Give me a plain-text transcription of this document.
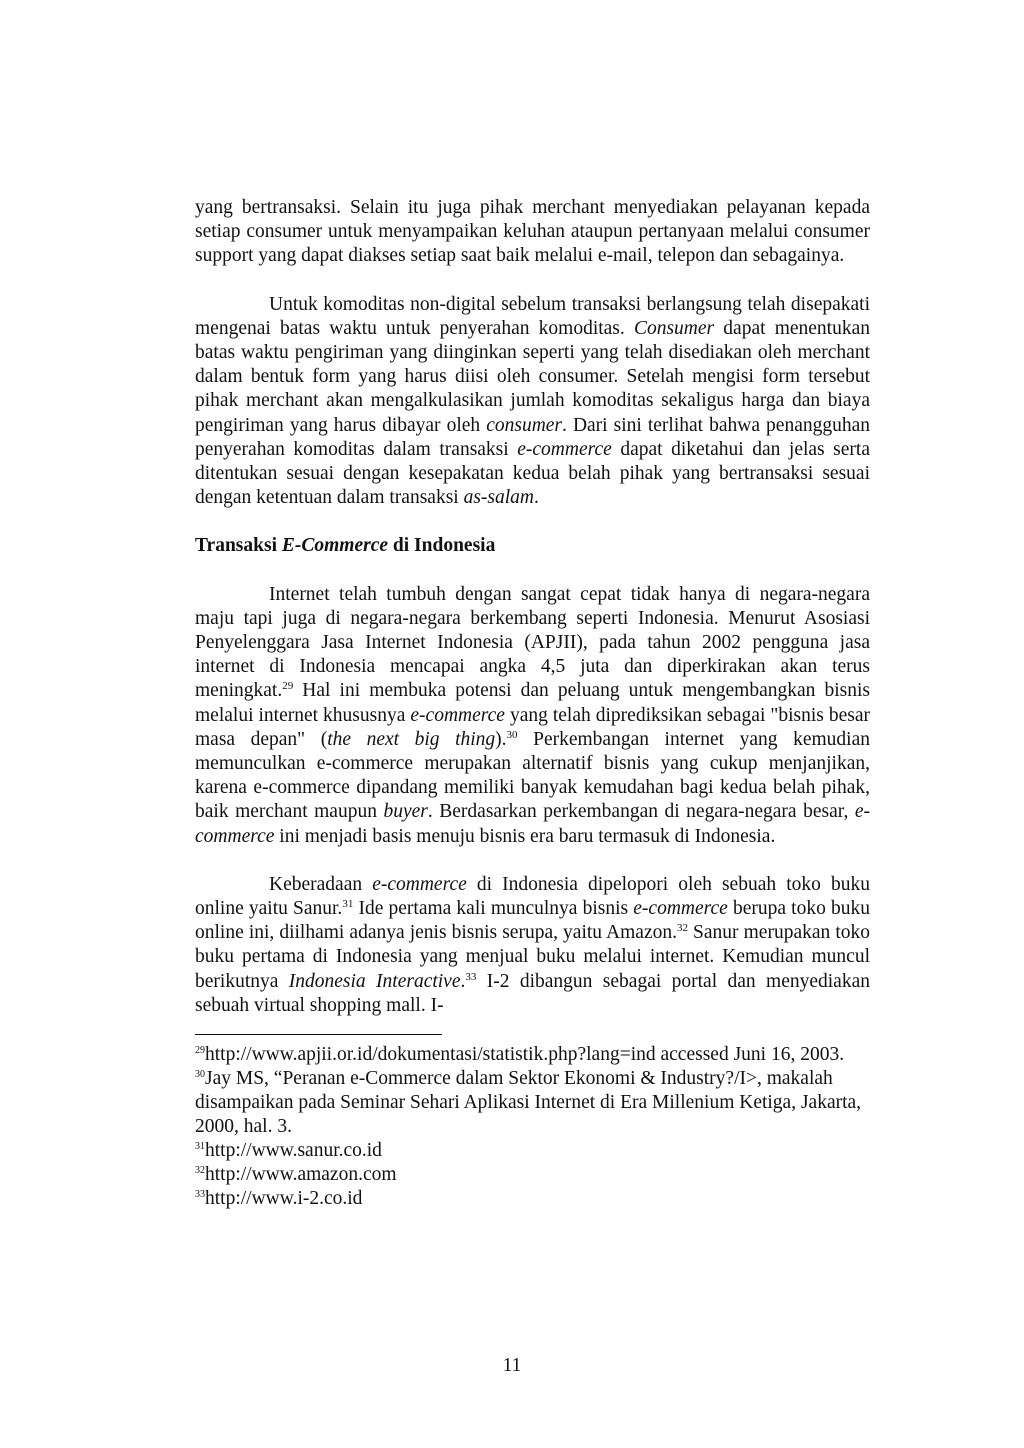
yang bertransaksi. Selain itu juga pihak merchant menyediakan pelayanan kepada setiap consumer untuk menyampaikan keluhan ataupun pertanyaan melalui consumer support yang dapat diakses setiap saat baik melalui e-mail, telepon dan sebagainya.

Untuk komoditas non-digital sebelum transaksi berlangsung telah disepakati mengenai batas waktu untuk penyerahan komoditas. Consumer dapat menentukan batas waktu pengiriman yang diinginkan seperti yang telah disediakan oleh merchant dalam bentuk form yang harus diisi oleh consumer. Setelah mengisi form tersebut pihak merchant akan mengalkulasikan jumlah komoditas sekaligus harga dan biaya pengiriman yang harus dibayar oleh consumer. Dari sini terlihat bahwa penangguhan penyerahan komoditas dalam transaksi e-commerce dapat diketahui dan jelas serta ditentukan sesuai dengan kesepakatan kedua belah pihak yang bertransaksi sesuai dengan ketentuan dalam transaksi as-salam.

Transaksi E-Commerce di Indonesia

Internet telah tumbuh dengan sangat cepat tidak hanya di negara-negara maju tapi juga di negara-negara berkembang seperti Indonesia. Menurut Asosiasi Penyelenggara Jasa Internet Indonesia (APJII), pada tahun 2002 pengguna jasa internet di Indonesia mencapai angka 4,5 juta dan diperkirakan akan terus meningkat.$^{29}$ Hal ini membuka potensi dan peluang untuk mengembangkan bisnis melalui internet khususnya e-commerce yang telah diprediksikan sebagai "bisnis besar masa depan" (the next big thing).$^{30}$ Perkembangan internet yang kemudian memunculkan e-commerce merupakan alternatif bisnis yang cukup menjanjikan, karena e-commerce dipandang memiliki banyak kemudahan bagi kedua belah pihak, baik merchant maupun buyer. Berdasarkan perkembangan di negara-negara besar, e-commerce ini menjadi basis menuju bisnis era baru termasuk di Indonesia.

Keberadaan e-commerce di Indonesia dipelopori oleh sebuah toko buku online yaitu Sanur.$^{31}$ Ide pertama kali munculnya bisnis e-commerce berupa toko buku online ini, diilhami adanya jenis bisnis serupa, yaitu Amazon.$^{32}$ Sanur merupakan toko buku pertama di Indonesia yang menjual buku melalui internet. Kemudian muncul berikutnya Indonesia Interactive.$^{33}$ I-2 dibangun sebagai portal dan menyediakan sebuah virtual shopping mall. I-

$^{29}$http://www.apjii.or.id/dokumentasi/statistik.php?lang=ind accessed Juni 16, 2003.

$^{30}$Jay MS, “Peranan e-Commerce dalam Sektor Ekonomi & Industry?/I>, makalah disampaikan pada Seminar Sehari Aplikasi Internet di Era Millenium Ketiga, Jakarta, 2000, hal. 3.

$^{31}$http://www.sanur.co.id

$^{32}$http://www.amazon.com

$^{33}$http://www.i-2.co.id

11
